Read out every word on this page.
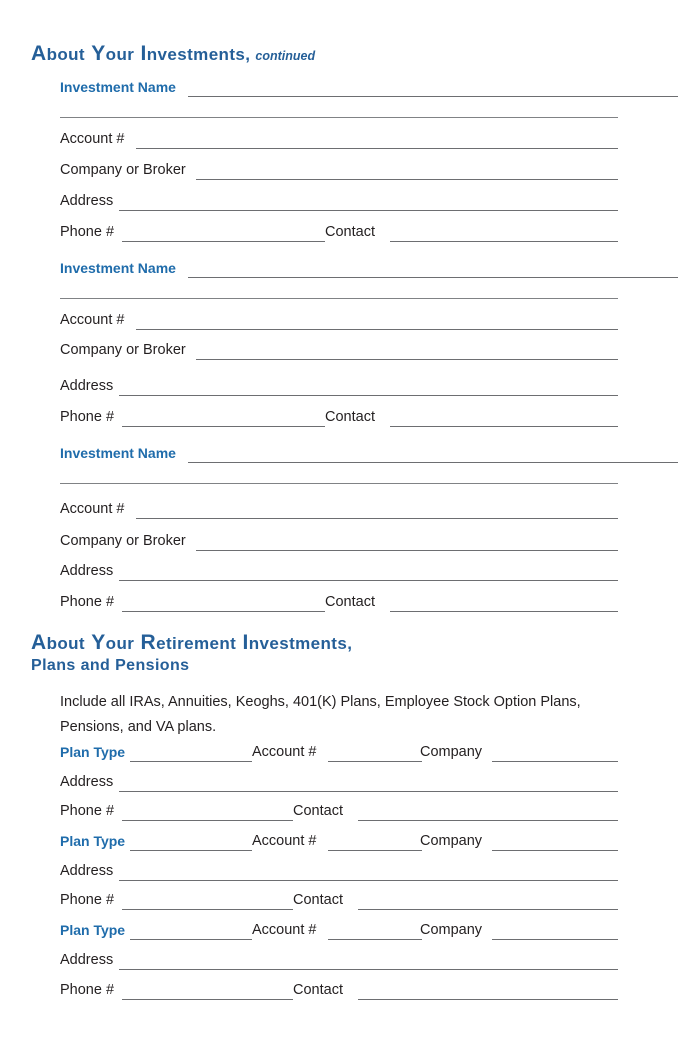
About Your Investments, continued
Investment Name
Account #
Company or Broker
Address
Phone #	Contact
Investment Name
Account #
Company or Broker
Address
Phone #	Contact
Investment Name
Account #
Company or Broker
Address
Phone #	Contact
About Your Retirement Investments,
Plans and Pensions
Include all IRAs, Annuities, Keoghs, 401(K) Plans, Employee Stock Option Plans, Pensions, and VA plans.
Plan Type	Account #	Company
Address
Phone #	Contact
Plan Type	Account #	Company
Address
Phone #	Contact
Plan Type	Account #	Company
Address
Phone #	Contact
